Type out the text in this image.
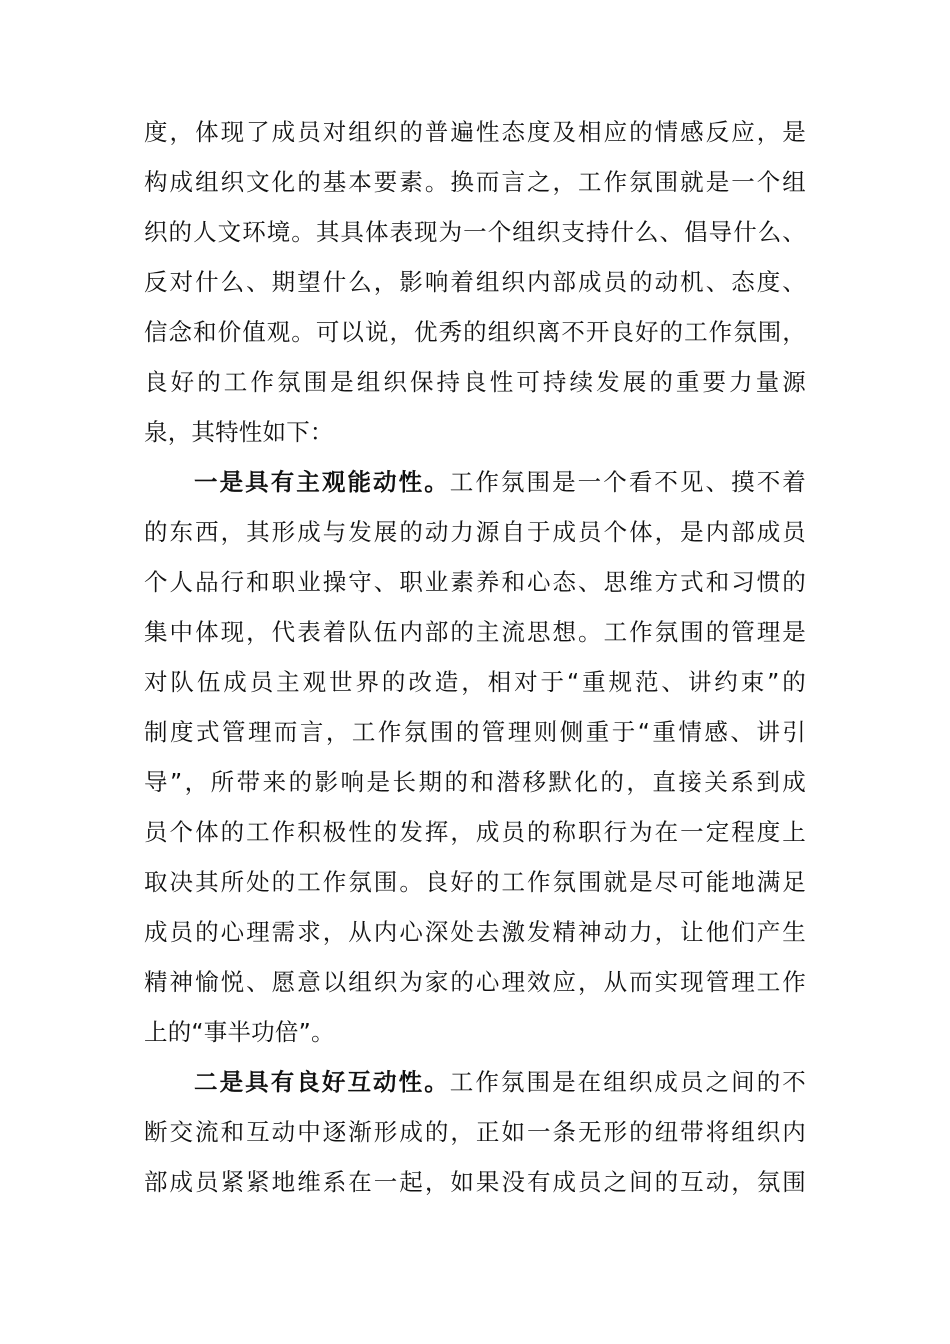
度，体现了成员对组织的普遍性态度及相应的情感反应，是
构成组织文化的基本要素。换而言之，工作氛围就是一个组
织的人文环境。其具体表现为一个组织支持什么、倡导什么、
反对什么、期望什么，影响着组织内部成员的动机、态度、
信念和价值观。可以说，优秀的组织离不开良好的工作氛围，
良好的工作氛围是组织保持良性可持续发展的重要力量源
泉，其特性如下：
一是具有主观能动性。工作氛围是一个看不见、摸不着
的东西，其形成与发展的动力源自于成员个体，是内部成员
个人品行和职业操守、职业素养和心态、思维方式和习惯的
集中体现，代表着队伍内部的主流思想。工作氛围的管理是
对队伍成员主观世界的改造，相对于“重规范、讲约束”的
制度式管理而言，工作氛围的管理则侧重于“重情感、讲引
导”，所带来的影响是长期的和潜移默化的，直接关系到成
员个体的工作积极性的发挥，成员的称职行为在一定程度上
取决其所处的工作氛围。良好的工作氛围就是尽可能地满足
成员的心理需求，从内心深处去激发精神动力，让他们产生
精神愉悦、愿意以组织为家的心理效应，从而实现管理工作
上的“事半功倍”。
二是具有良好互动性。工作氛围是在组织成员之间的不
断交流和互动中逐渐形成的，正如一条无形的纽带将组织内
部成员紧紧地维系在一起，如果没有成员之间的互动，氛围
